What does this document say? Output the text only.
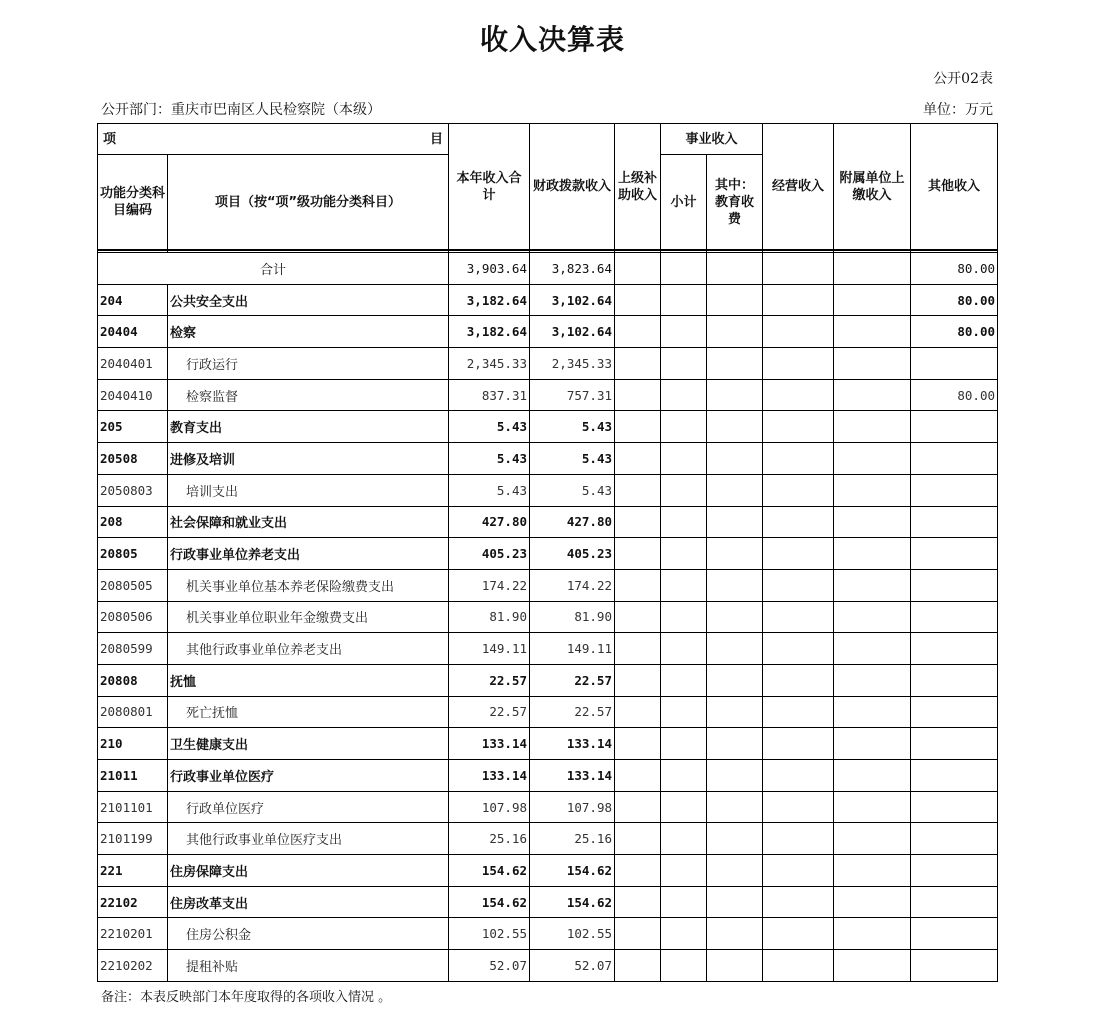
收入决算表
公开02表
公开部门：重庆市巴南区人民检察院（本级）	单位：万元
项 目		本年收入合计	财政拨款收入	上级补助收入	事业收入		经营收入	附属单位上缴收入	其他收入
功能分类科目编码	项目（按“项”级功能分类科目）				小计	其中：教育收费			

合计		3,903.64	3,823.64						80.00
204	公共安全支出	3,182.64	3,102.64						80.00
20404	检察	3,182.64	3,102.64						80.00
2040401	行政运行	2,345.33	2,345.33						
2040410	检察监督	837.31	757.31						80.00
205	教育支出	5.43	5.43						
20508	进修及培训	5.43	5.43						
2050803	培训支出	5.43	5.43						
208	社会保障和就业支出	427.80	427.80						
20805	行政事业单位养老支出	405.23	405.23						
2080505	机关事业单位基本养老保险缴费支出	174.22	174.22						
2080506	机关事业单位职业年金缴费支出	81.90	81.90						
2080599	其他行政事业单位养老支出	149.11	149.11						
20808	抚恤	22.57	22.57						
2080801	死亡抚恤	22.57	22.57						
210	卫生健康支出	133.14	133.14						
21011	行政事业单位医疗	133.14	133.14						
2101101	行政单位医疗	107.98	107.98						
2101199	其他行政事业单位医疗支出	25.16	25.16						
221	住房保障支出	154.62	154.62						
22102	住房改革支出	154.62	154.62						
2210201	住房公积金	102.55	102.55						
2210202	提租补贴	52.07	52.07						
备注：本表反映部门本年度取得的各项收入情况 。
